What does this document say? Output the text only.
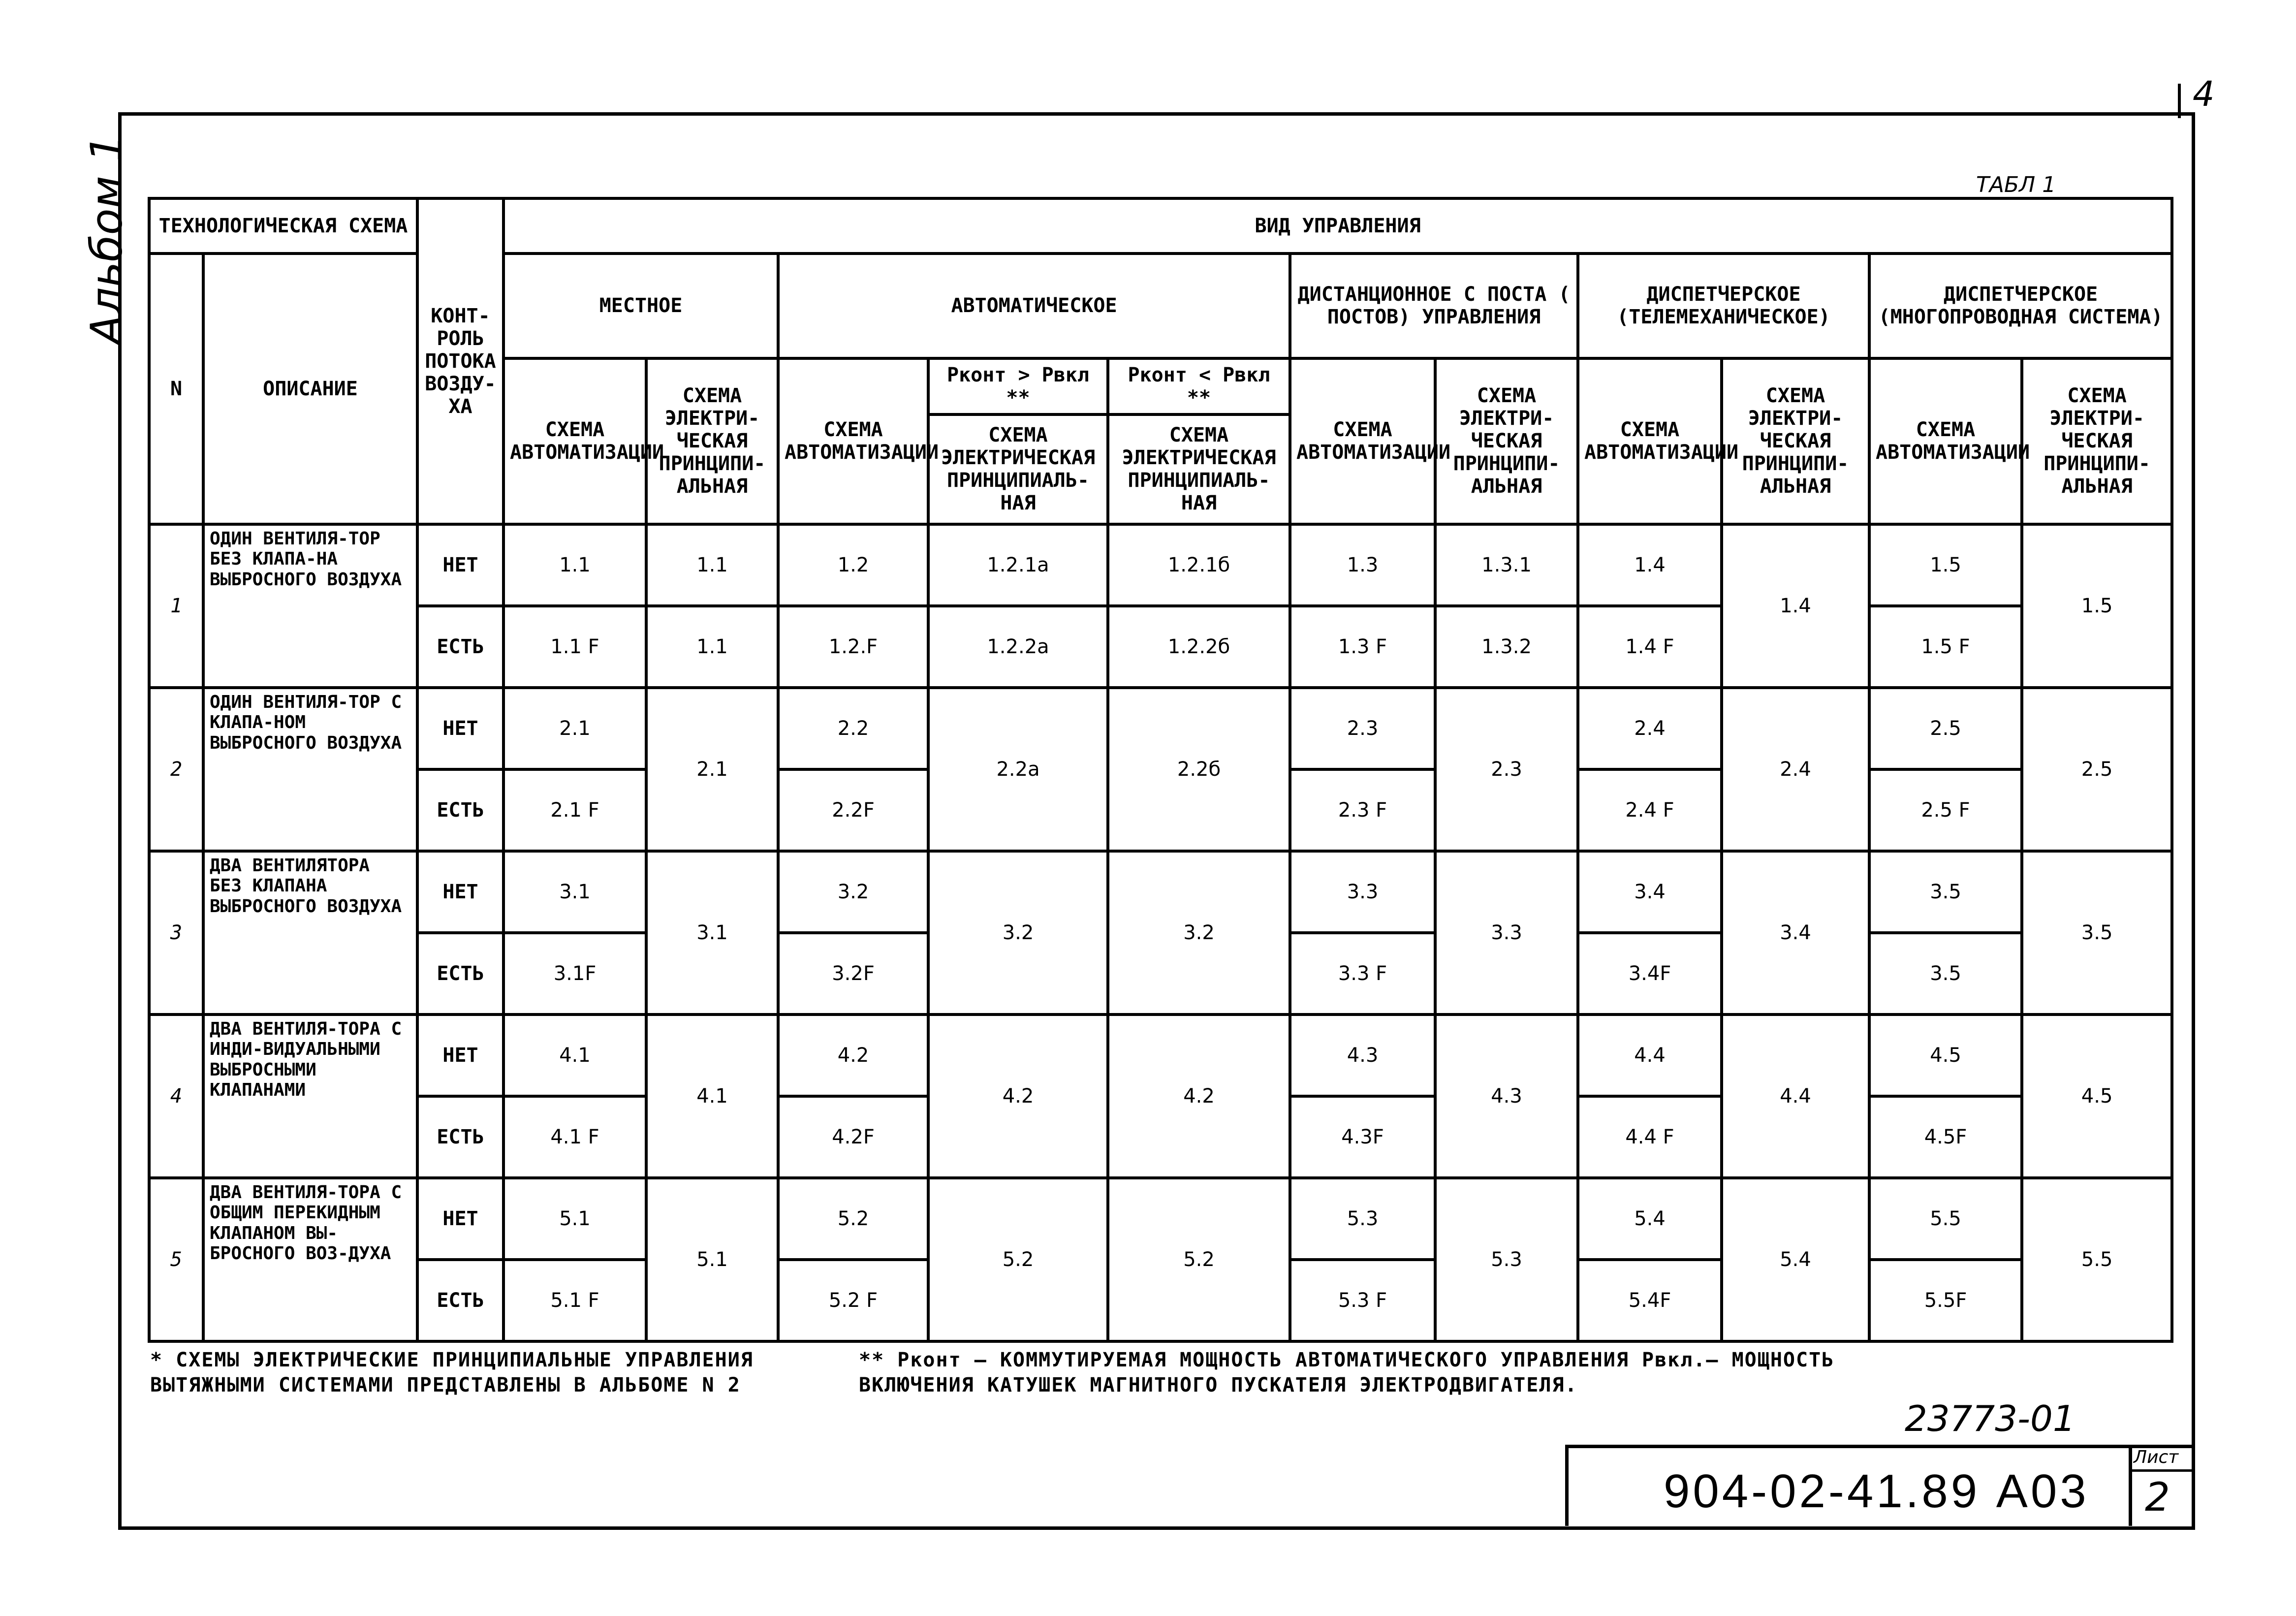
4
Альбом 1	ТАБЛ 1
ТЕХНОЛОГИЧЕСКАЯ СХЕМА		КОНТ-РОЛЬ ПОТОКА ВОЗДУ-ХА	ВИД УПРАВЛЕНИЯ										
N	ОПИСАНИЕ		МЕСТНОЕ		АВТОМАТИЧЕСКОЕ			ДИСТАНЦИОННОЕ С ПОСТА ( ПОСТОВ) УПРАВЛЕНИЯ		ДИСПЕТЧЕРСКОЕ (ТЕЛЕМЕХАНИЧЕСКОЕ)		ДИСПЕТЧЕРСКОЕ (МНОГОПРОВОДНАЯ СИСТЕМА)	
			СХЕМА АВТОМАТИЗАЦИИ	СХЕМА ЭЛЕКТРИ-ЧЕСКАЯ ПРИНЦИПИ-АЛЬНАЯ	СХЕМА АВТОМАТИЗАЦИИ	Pконт > Pвкл **	Pконт < Pвкл **	СХЕМА АВТОМАТИЗАЦИИ	СХЕМА ЭЛЕКТРИ-ЧЕСКАЯ ПРИНЦИПИ-АЛЬНАЯ	СХЕМА АВТОМАТИЗАЦИИ	СХЕМА ЭЛЕКТРИ-ЧЕСКАЯ ПРИНЦИПИ-АЛЬНАЯ	СХЕМА АВТОМАТИЗАЦИИ	СХЕМА ЭЛЕКТРИ-ЧЕСКАЯ ПРИНЦИПИ-АЛЬНАЯ
						СХЕМА ЭЛЕКТРИЧЕСКАЯ ПРИНЦИПИАЛЬ-НАЯ	СХЕМА ЭЛЕКТРИЧЕСКАЯ ПРИНЦИПИАЛЬ-НАЯ						
1	ОДИН ВЕНТИЛЯ-ТОР БЕЗ КЛАПА-НА ВЫБРОСНОГО ВОЗДУХА	НЕТ	1.1	1.1	1.2	1.2.1а	1.2.1б	1.3	1.3.1	1.4	1.4	1.5	1.5
		ЕСТЬ	1.1 F	1.1	1.2.F	1.2.2а	1.2.2б	1.3 F	1.3.2	1.4 F		1.5 F	
2	ОДИН ВЕНТИЛЯ-ТОР С КЛАПА-НОМ ВЫБРОСНОГО ВОЗДУХА	НЕТ	2.1	2.1	2.2	2.2а	2.2б	2.3	2.3	2.4	2.4	2.5	2.5
		ЕСТЬ	2.1 F		2.2F			2.3 F		2.4 F		2.5 F	
3	ДВА ВЕНТИЛЯТОРА БЕЗ КЛАПАНА ВЫБРОСНОГО ВОЗДУХА	НЕТ	3.1	3.1	3.2	3.2	3.2	3.3	3.3	3.4	3.4	3.5	3.5
		ЕСТЬ	3.1F		3.2F			3.3 F		3.4F		3.5	
4	ДВА ВЕНТИЛЯ-ТОРА С ИНДИ-ВИДУАЛЬНЫМИ ВЫБРОСНЫМИ КЛАПАНАМИ	НЕТ	4.1	4.1	4.2	4.2	4.2	4.3	4.3	4.4	4.4	4.5	4.5
		ЕСТЬ	4.1 F		4.2F			4.3F		4.4 F		4.5F	
5	ДВА ВЕНТИЛЯ-ТОРА С ОБЩИМ ПЕРЕКИДНЫМ КЛАПАНОМ ВЫ-БРОСНОГО ВОЗ-ДУХА	НЕТ	5.1	5.1	5.2	5.2	5.2	5.3	5.3	5.4	5.4	5.5	5.5
		ЕСТЬ	5.1 F		5.2 F			5.3 F		5.4F		5.5F	
* СХЕМЫ ЭЛЕКТРИЧЕСКИЕ ПРИНЦИПИАЛЬНЫЕ УПРАВЛЕНИЯ ВЫТЯЖНЫМИ СИСТЕМАМИ ПРЕДСТАВЛЕНЫ В АЛЬБОМЕ N 2
** Pконт — КОММУТИРУЕМАЯ МОЩНОСТЬ АВТОМАТИЧЕСКОГО УПРАВЛЕНИЯ Pвкл.— МОЩНОСТЬ ВКЛЮЧЕНИЯ КАТУШЕК МАГНИТНОГО ПУСКАТЕЛЯ ЭЛЕКТРОДВИГАТЕЛЯ.
23773-01
904-02-41.89 А03
Лист
2
